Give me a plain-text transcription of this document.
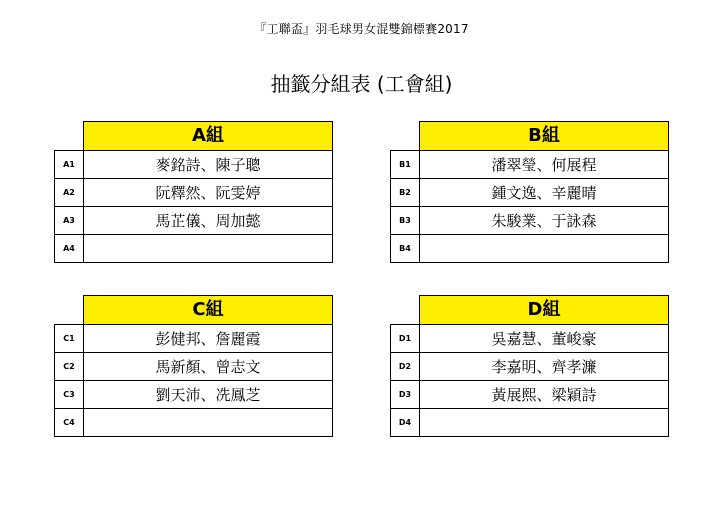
『工聯盃』羽毛球男女混雙錦標賽2017
抽籤分組表 (工會組)
A組
A1	麥銘詩、陳子聰
A2	阮釋然、阮雯婷
A3	馬芷儀、周加懿
A4	
B組
B1	潘翠瑩、何展程
B2	鍾文逸、辛麗晴
B3	朱駿業、于詠森
B4	
C組
C1	彭健邦、詹麗霞
C2	馬新顏、曾志文
C3	劉天沛、冼鳳芝
C4	
D組
D1	吳嘉慧、董峻豪
D2	李嘉明、齊孝濂
D3	黃展熙、梁穎詩
D4	
